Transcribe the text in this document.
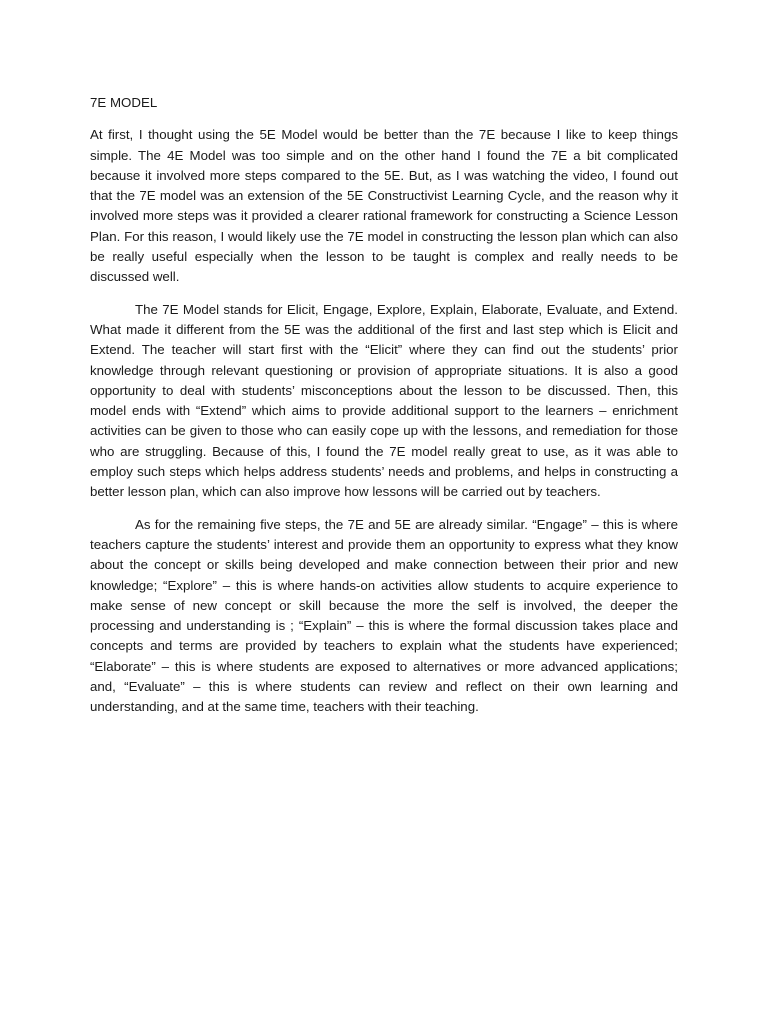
7E MODEL

At first, I thought using the 5E Model would be better than the 7E because I like to keep things simple. The 4E Model was too simple and on the other hand I found the 7E a bit complicated because it involved more steps compared to the 5E. But, as I was watching the video, I found out that the 7E model was an extension of the 5E Constructivist Learning Cycle, and the reason why it involved more steps was it provided a clearer rational framework for constructing a Science Lesson Plan. For this reason, I would likely use the 7E model in constructing the lesson plan which can also be really useful especially when the lesson to be taught is complex and really needs to be discussed well.

The 7E Model stands for Elicit, Engage, Explore, Explain, Elaborate, Evaluate, and Extend. What made it different from the 5E was the additional of the first and last step which is Elicit and Extend. The teacher will start first with the “Elicit” where they can find out the students’ prior knowledge through relevant questioning or provision of appropriate situations. It is also a good opportunity to deal with students’ misconceptions about the lesson to be discussed. Then, this model ends with “Extend” which aims to provide additional support to the learners – enrichment activities can be given to those who can easily cope up with the lessons, and remediation for those who are struggling. Because of this, I found the 7E model really great to use, as it was able to employ such steps which helps address students’ needs and problems, and helps in constructing a better lesson plan, which can also improve how lessons will be carried out by teachers.

As for the remaining five steps, the 7E and 5E are already similar. “Engage” – this is where teachers capture the students’ interest and provide them an opportunity to express what they know about the concept or skills being developed and make connection between their prior and new knowledge; “Explore” – this is where hands-on activities allow students to acquire experience to make sense of new concept or skill because the more the self is involved, the deeper the processing and understanding is ; “Explain” – this is where the formal discussion takes place and concepts and terms are provided by teachers to explain what the students have experienced; “Elaborate” – this is where students are exposed to alternatives or more advanced applications; and, “Evaluate” – this is where students can review and reflect on their own learning and understanding, and at the same time, teachers with their teaching.
